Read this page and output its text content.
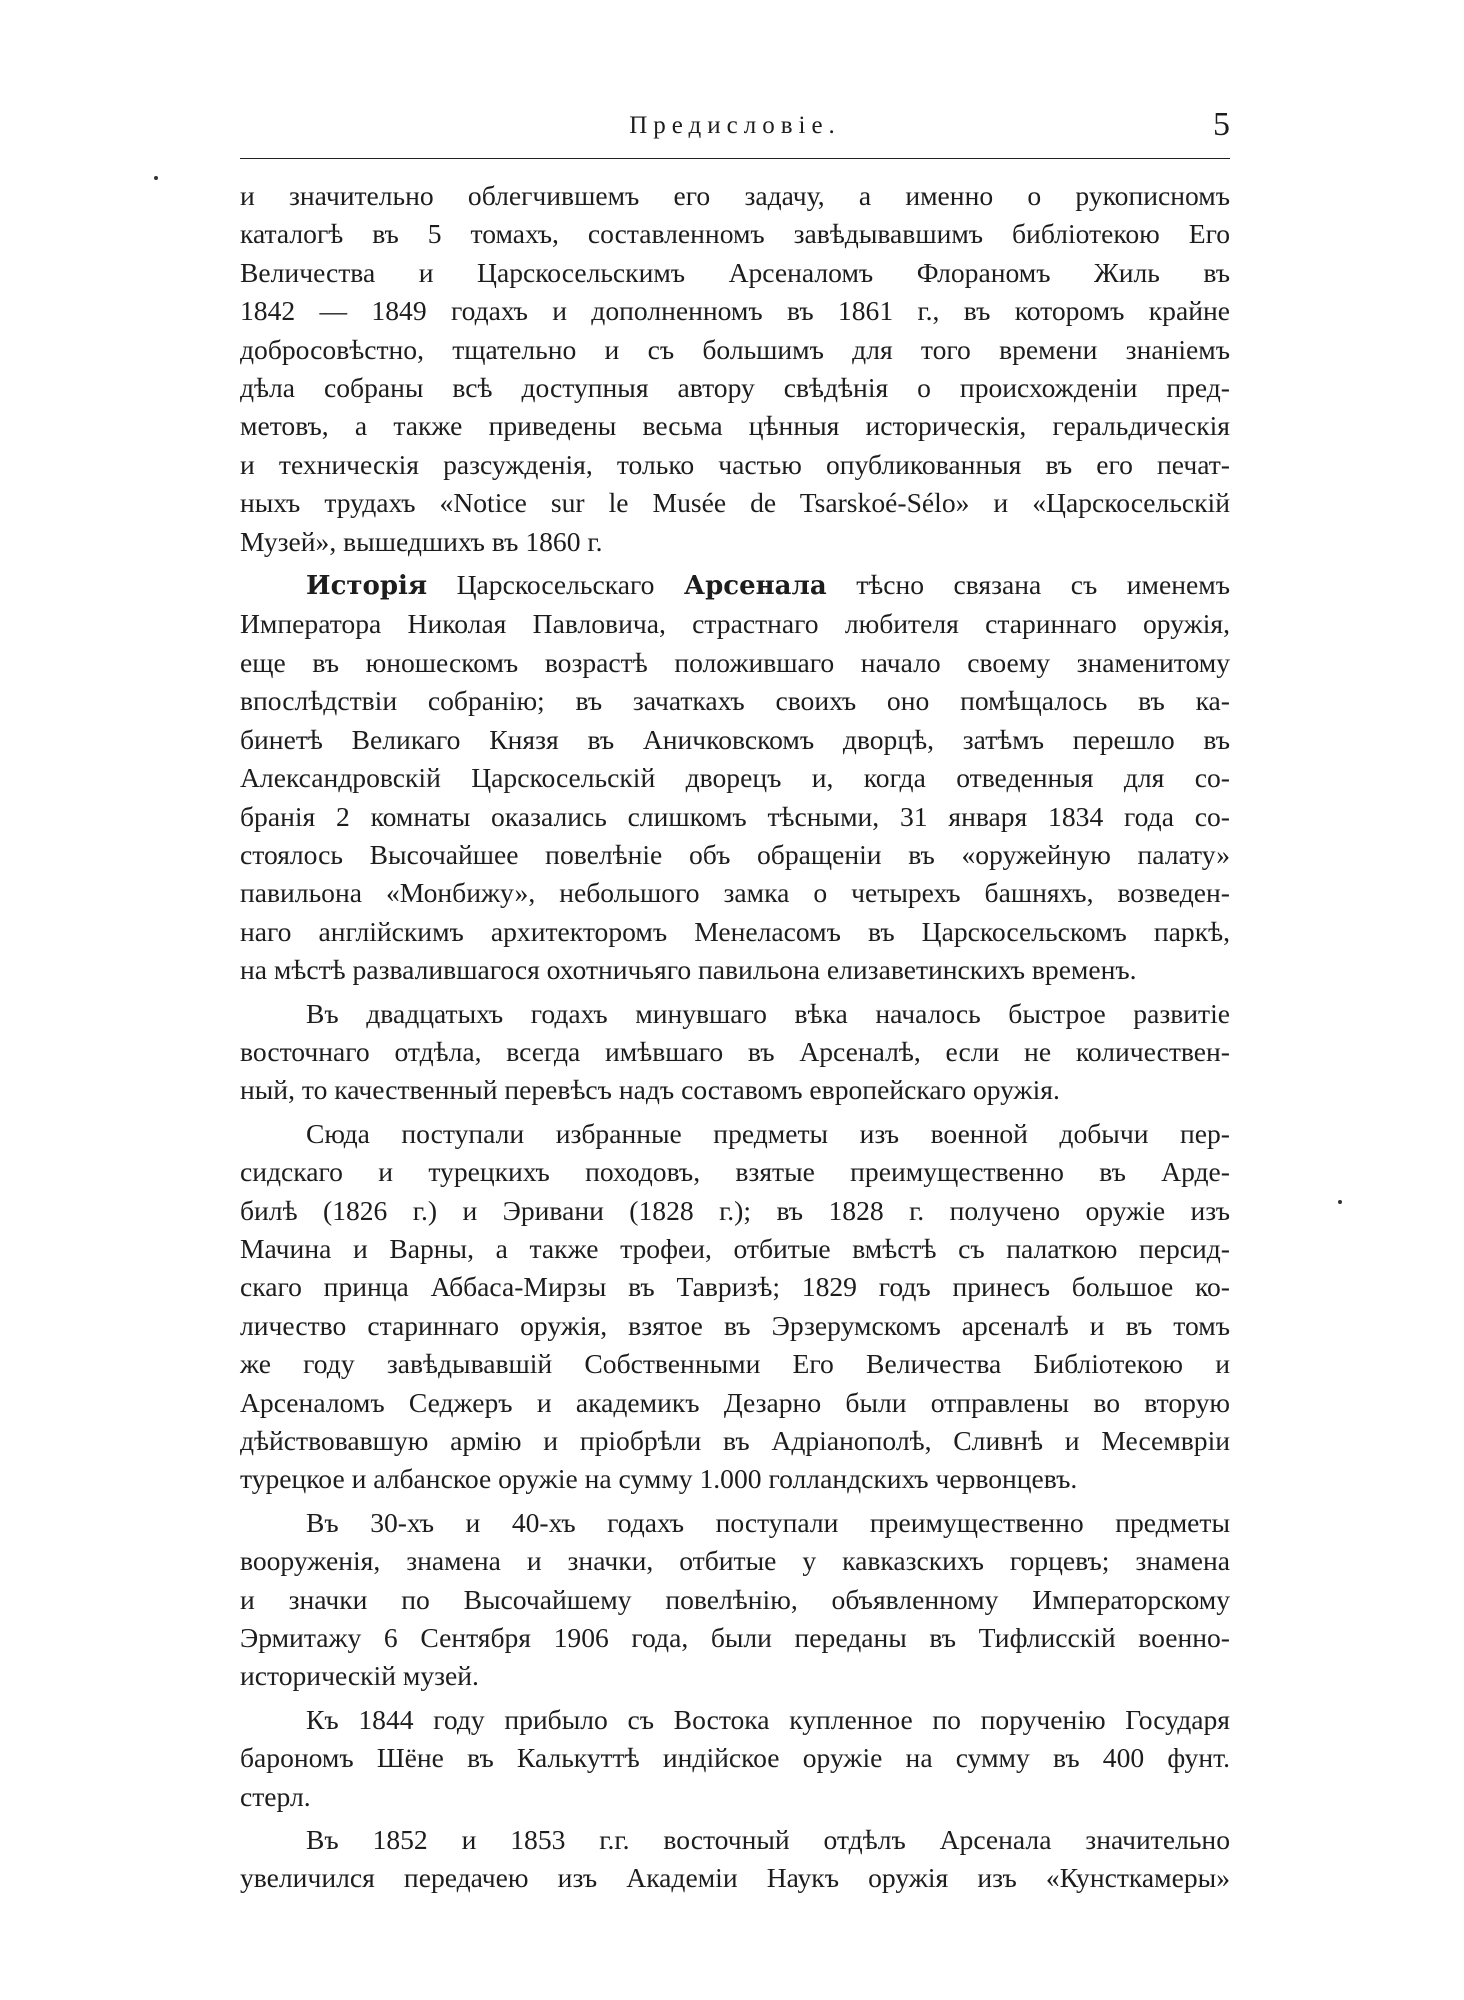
Предисловіе.	5
и значительно облегчившемъ его задачу, а именно о рукописномъ
каталогѣ въ 5 томахъ, составленномъ завѣдывавшимъ библіотекою Его
Величества и Царскосельскимъ Арсеналомъ Флораномъ Жиль въ
1842 — 1849 годахъ и дополненномъ въ 1861 г., въ которомъ крайне
добросовѣстно, тщательно и съ большимъ для того времени знаніемъ
дѣла собраны всѣ доступныя автору свѣдѣнія о происхожденіи пред-
метовъ, а также приведены весьма цѣнныя историческія, геральдическія
и техническія разсужденія, только частью опубликованныя въ его печат-
ныхъ трудахъ «Notice sur le Musée de Tsarskoé-Sélo» и «Царскосельскій
Музей», вышедшихъ въ 1860 г.
Исторія Царскосельскаго Арсенала тѣсно связана съ именемъ
Императора Николая Павловича, страстнаго любителя стариннаго оружія,
еще въ юношескомъ возрастѣ положившаго начало своему знаменитому
впослѣдствіи собранію; въ зачаткахъ своихъ оно помѣщалось въ ка-
бинетѣ Великаго Князя въ Аничковскомъ дворцѣ, затѣмъ перешло въ
Александровскій Царскосельскій дворецъ и, когда отведенныя для со-
бранія 2 комнаты оказались слишкомъ тѣсными, 31 января 1834 года со-
стоялось Высочайшее повелѣніе объ обращеніи въ «оружейную палату»
павильона «Монбижу», небольшого замка о четырехъ башняхъ, возведен-
наго англійскимъ архитекторомъ Менеласомъ въ Царскосельскомъ паркѣ,
на мѣстѣ развалившагося охотничьяго павильона елизаветинскихъ временъ.
Въ двадцатыхъ годахъ минувшаго вѣка началось быстрое развитіе
восточнаго отдѣла, всегда имѣвшаго въ Арсеналѣ, если не количествен-
ный, то качественный перевѣсъ надъ составомъ европейскаго оружія.
Сюда поступали избранные предметы изъ военной добычи пер-
сидскаго и турецкихъ походовъ, взятые преимущественно въ Арде-
билѣ (1826 г.) и Эривани (1828 г.); въ 1828 г. получено оружіе изъ
Мачина и Варны, а также трофеи, отбитые вмѣстѣ съ палаткою персид-
скаго принца Аббаса-Мирзы въ Тавризѣ; 1829 годъ принесъ большое ко-
личество стариннаго оружія, взятое въ Эрзерумскомъ арсеналѣ и въ томъ
же году завѣдывавшій Собственными Его Величества Библіотекою и
Арсеналомъ Седжеръ и академикъ Дезарно были отправлены во вторую
дѣйствовавшую армію и пріобрѣли въ Адріанополѣ, Сливнѣ и Месемвріи
турецкое и албанское оружіе на сумму 1.000 голландскихъ червонцевъ.
Въ 30-хъ и 40-хъ годахъ поступали преимущественно предметы
вооруженія, знамена и значки, отбитые у кавказскихъ горцевъ; знамена
и значки по Высочайшему повелѣнію, объявленному Императорскому
Эрмитажу 6 Сентября 1906 года, были переданы въ Тифлисскій военно-
историческій музей.
Къ 1844 году прибыло съ Востока купленное по порученію Государя
барономъ Шёне въ Калькуттѣ индійское оружіе на сумму въ 400 фунт.
стерл.
Въ 1852 и 1853 г.г. восточный отдѣлъ Арсенала значительно
увеличился передачею изъ Академіи Наукъ оружія изъ «Кунсткамеры»
